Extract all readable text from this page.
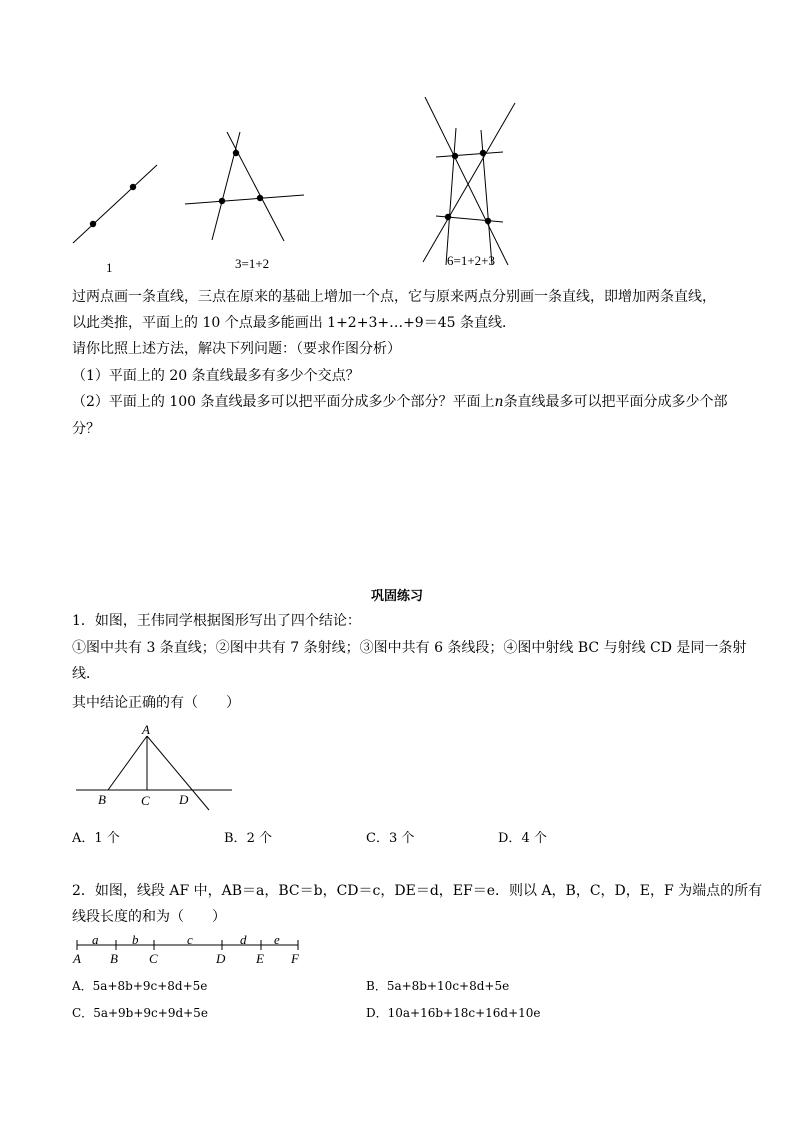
1	3=1+2	6=1+2+3
过两点画一条直线，三点在原来的基础上增加一个点，它与原来两点分别画一条直线，即增加两条直线，
以此类推，平面上的 10 个点最多能画出 1+2+3+…+9＝45 条直线．
请你比照上述方法，解决下列问题：（要求作图分析）
（1）平面上的 20 条直线最多有多少个交点？
（2）平面上的 100 条直线最多可以把平面分成多少个部分？平面上n条直线最多可以把平面分成多少个部
分？
巩固练习
1．如图，王伟同学根据图形写出了四个结论：
①图中共有 3 条直线；②图中共有 7 条射线；③图中共有 6 条线段；④图中射线 BC 与射线 CD 是同一条射
线．
其中结论正确的有（　　）
A
B	C D
A．1 个	B．2 个	C．3 个	D．4 个
2．如图，线段 AF 中，AB＝a，BC＝b，CD＝c，DE＝d，EF＝e．则以 A，B，C，D，E，F 为端点的所有
线段长度的和为（　　）
a	b	c	d e
A B C	D E F
A．5a+8b+9c+8d+5e	B．5a+8b+10c+8d+5e
C．5a+9b+9c+9d+5e	D．10a+16b+18c+16d+10e
